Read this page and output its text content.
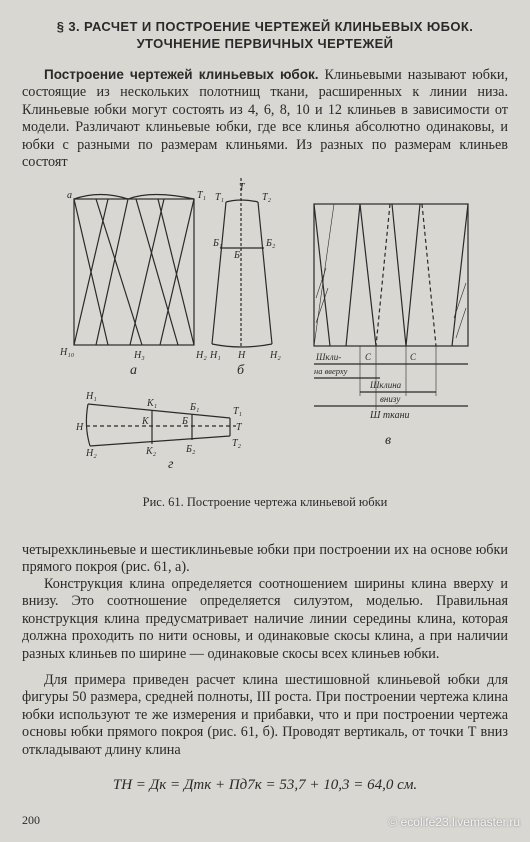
§ 3. РАСЧЕТ И ПОСТРОЕНИЕ ЧЕРТЕЖЕЙ КЛИНЬЕВЫХ ЮБОК.
УТОЧНЕНИЕ ПЕРВИЧНЫХ ЧЕРТЕЖЕЙ
Построение чертежей клиньевых юбок. Клиньевыми называют юбки, состоящие из нескольких полотнищ ткани, расширенных к линии низа. Клиньевые юбки могут состоять из 4, 6, 8, 10 и 12 клиньев в зависимости от модели. Различают клиньевые юбки, где все клинья абсолютно одинаковы, и юбки с разными по размерам клиньями. Из разных по размерам клиньев состоят
а	Т₁
Н₁₀	Н₃	Н₂
а
Т₁
Т
Т₂
Б₁
Б
Б₂
Н₁ Н Н₂
б
Шкли-	С	С
на вверху
Шклина
внизу
Ш ткани
в
Н₁
К₁	Б₁	Т₁
Н
К	Б
Т
Н₂	К₂	Б₂
Т₂
г
Рис. 61. Построение чертежа клиньевой юбки
четырехклиньевые и шестиклиньевые юбки при построении их на основе юбки прямого покроя (рис. 61, а).
Конструкция клина определяется соотношением ширины клина вверху и внизу. Это соотношение определяется силуэтом, моделью. Правильная конструкция клина предусматривает наличие линии середины клина, которая должна проходить по нити основы, и одинаковые скосы клина, а при наличии разных клиньев по ширине — одинаковые скосы всех клиньев юбки.
Для примера приведен расчет клина шестишовной клиньевой юбки для фигуры 50 размера, средней полноты, III роста. При построении чертежа клина юбки используют те же измерения и прибавки, что и при построении чертежа основы юбки прямого покроя (рис. 61, б). Проводят вертикаль, от точки Т вниз откладывают длину клина
ТН = Дк = Дтк + Пд7к = 53,7 + 10,3 = 64,0 см.
200	© ecolife23.livemaster.ru
